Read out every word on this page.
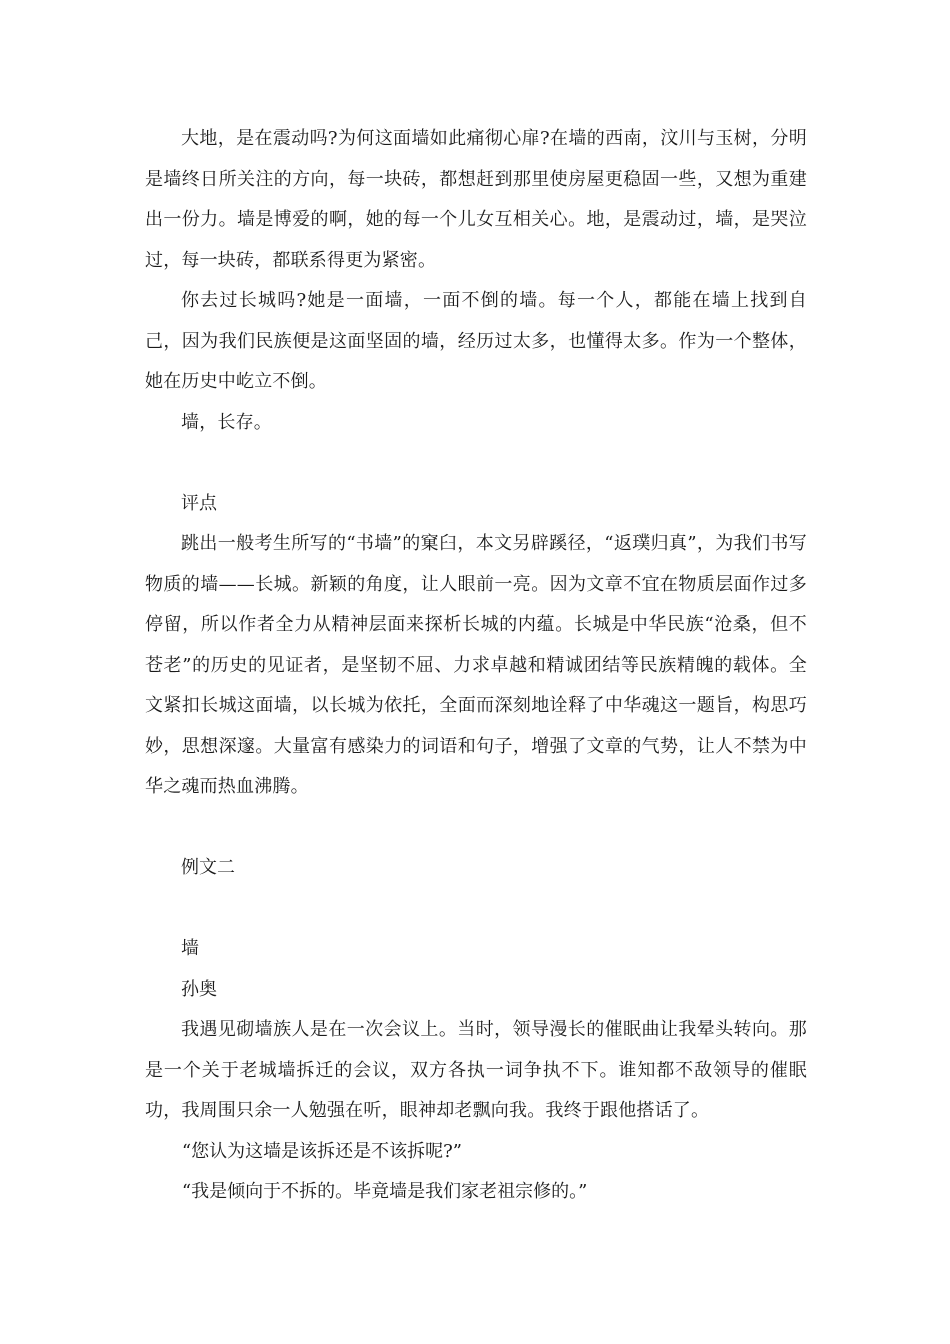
大地，是在震动吗?为何这面墙如此痛彻心扉?在墙的西南，汶川与玉树，分明是墙终日所关注的方向，每一块砖，都想赶到那里使房屋更稳固一些，又想为重建出一份力。墙是博爱的啊，她的每一个儿女互相关心。地，是震动过，墙，是哭泣过，每一块砖，都联系得更为紧密。

你去过长城吗?她是一面墙，一面不倒的墙。每一个人，都能在墙上找到自己，因为我们民族便是这面坚固的墙，经历过太多，也懂得太多。作为一个整体，她在历史中屹立不倒。

墙，长存。

评点

跳出一般考生所写的“书墙”的窠臼，本文另辟蹊径，“返璞归真”，为我们书写物质的墙——长城。新颖的角度，让人眼前一亮。因为文章不宜在物质层面作过多停留，所以作者全力从精神层面来探析长城的内蕴。长城是中华民族“沧桑，但不苍老”的历史的见证者，是坚韧不屈、力求卓越和精诚团结等民族精魄的载体。全文紧扣长城这面墙，以长城为依托，全面而深刻地诠释了中华魂这一题旨，构思巧妙，思想深邃。大量富有感染力的词语和句子，增强了文章的气势，让人不禁为中华之魂而热血沸腾。

例文二

墙

孙奥

我遇见砌墙族人是在一次会议上。当时，领导漫长的催眠曲让我晕头转向。那是一个关于老城墙拆迁的会议，双方各执一词争执不下。谁知都不敌领导的催眠功，我周围只余一人勉强在听，眼神却老飘向我。我终于跟他搭话了。

“您认为这墙是该拆还是不该拆呢?”

“我是倾向于不拆的。毕竟墙是我们家老祖宗修的。”
